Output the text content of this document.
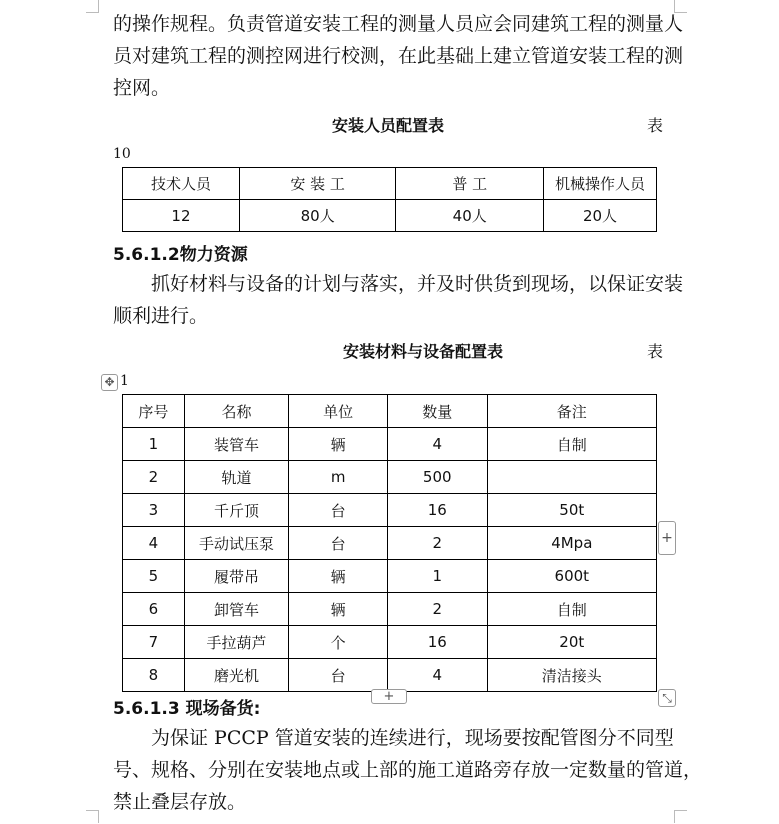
的操作规程。负责管道安装工程的测量人员应会同建筑工程的测量人
员对建筑工程的测控网进行校测，在此基础上建立管道安装工程的测
控网。

安装人员配置表	表
10
技术人员	安 装 工	普 工	机械操作人员
12	80人	40人	20人
5.6.1.2物力资源

抓好材料与设备的计划与落实，并及时供货到现场，以保证安装
顺利进行。

安装材料与设备配置表	表
✥ 1
序号	名称	单位	数量	备注
1	装管车	辆	4	自制
2	轨道	m	500	
3	千斤顶	台	16	50t
4	手动试压泵	台	2	4Mpa
5	履带吊	辆	1	600t
6	卸管车	辆	2	自制
7	手拉葫芦	个	16	20t
8	磨光机	台	4	清洁接头
+
+	⤡
5.6.1.3 现场备货:

为保证 PCCP 管道安装的连续进行，现场要按配管图分不同型
号、规格、分别在安装地点或上部的施工道路旁存放一定数量的管道，
禁止叠层存放。
